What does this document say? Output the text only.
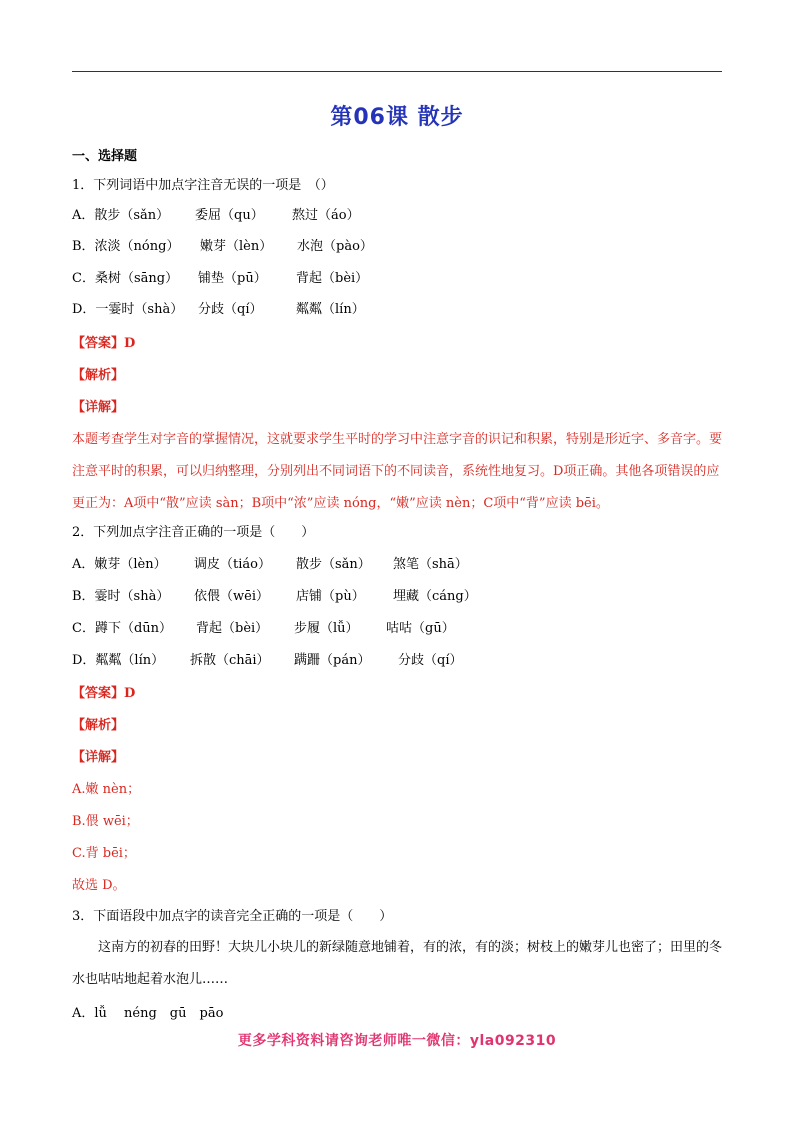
第06课 散步
一、选择题
1．下列词语中加点字注音无误的一项是　（）
A．散步（sǎn） 委屈（qu） 熬过（áo）
B．浓淡（nóng） 嫩芽（lèn） 水泡（pào）
C．桑树（sāng） 铺垫（pū） 背起（bèi）
D．一霎时（shà） 分歧（qí）	粼粼（lín）
【答案】D
【解析】
【详解】
本题考查学生对字音的掌握情况，这就要求学生平时的学习中注意字音的识记和积累，特别是形近字、多音字。要注意平时的积累，可以归纳整理，分别列出不同词语下的不同读音，系统性地复习。D项正确。其他各项错误的应更正为：A项中“散”应读 sàn；B项中“浓”应读 nóng，“嫩”应读 nèn；C项中“背”应读 bēi。
2．下列加点字注音正确的一项是（　　）
A．嫩芽（lèn） 调皮（tiáo） 散步（sǎn） 煞笔（shā）
B．霎时（shà） 依偎（wēi） 店铺（pù） 埋藏（cáng）
C．蹲下（dūn） 背起（bèi） 步履（lǚ） 咕咕（gū）
D．粼粼（lín） 拆散（chāi） 蹒跚（pán） 分歧（qí）
【答案】D
【解析】
【详解】
A.嫩 nèn；
B.偎 wēi；
C.背 bēi；
故选 D。
3．下面语段中加点字的读音完全正确的一项是（　　）
这南方的初春的田野！大块儿小块儿的新绿随意地铺着，有的浓，有的淡；树枝上的嫩芽儿也密了；田里的冬水也咕咕地起着水泡儿……
A．lǚ　 néng　gū　pāo
更多学科资料请咨询老师唯一微信：yla092310
